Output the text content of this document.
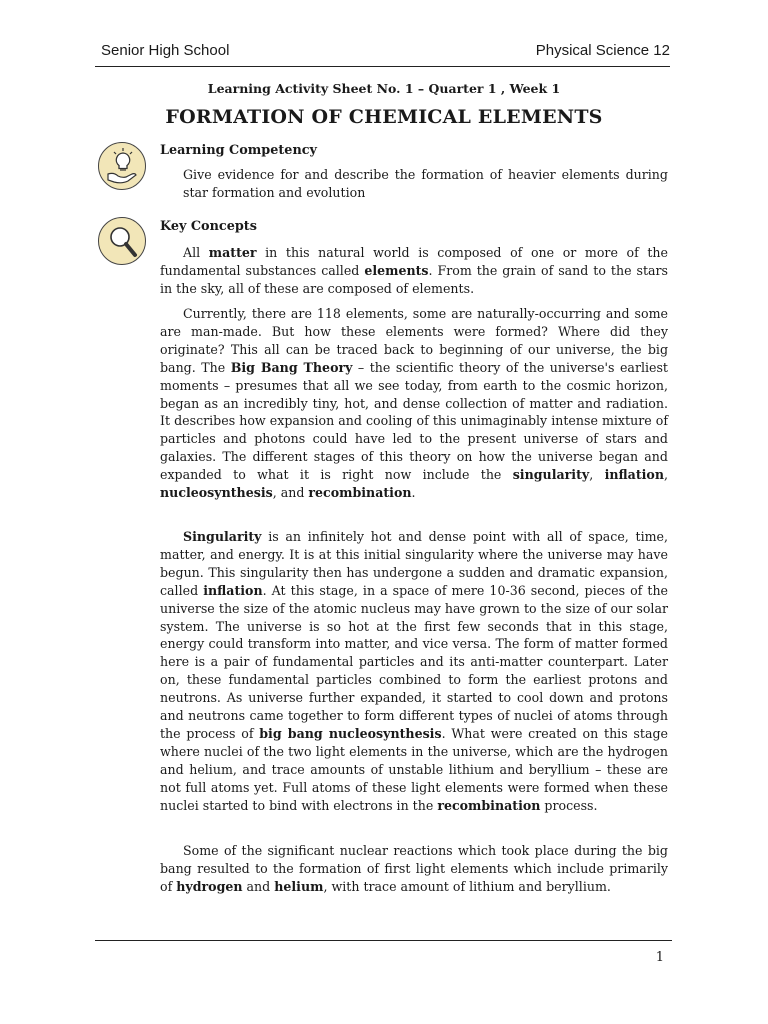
Senior High School	Physical Science 12
Learning Activity Sheet No. 1 – Quarter 1 , Week 1
FORMATION OF CHEMICAL ELEMENTS
Learning Competency
Give evidence for and describe the formation of heavier elements during star formation and evolution
Key Concepts
All matter in this natural world is composed of one or more of the fundamental substances called elements. From the grain of sand to the stars in the sky, all of these are composed of elements.
Currently, there are 118 elements, some are naturally-occurring and some are man-made. But how these elements were formed? Where did they originate? This all can be traced back to beginning of our universe, the big bang. The Big Bang Theory – the scientific theory of the universe's earliest moments – presumes that all we see today, from earth to the cosmic horizon, began as an incredibly tiny, hot, and dense collection of matter and radiation. It describes how expansion and cooling of this unimaginably intense mixture of particles and photons could have led to the present universe of stars and galaxies. The different stages of this theory on how the universe began and expanded to what it is right now include the singularity, inflation, nucleosynthesis, and recombination.
Singularity is an infinitely hot and dense point with all of space, time, matter, and energy. It is at this initial singularity where the universe may have begun. This singularity then has undergone a sudden and dramatic expansion, called inflation. At this stage, in a space of mere 10-36 second, pieces of the universe the size of the atomic nucleus may have grown to the size of our solar system. The universe is so hot at the first few seconds that in this stage, energy could transform into matter, and vice versa. The form of matter formed here is a pair of fundamental particles and its anti-matter counterpart. Later on, these fundamental particles combined to form the earliest protons and neutrons. As universe further expanded, it started to cool down and protons and neutrons came together to form different types of nuclei of atoms through the process of big bang nucleosynthesis. What were created on this stage where nuclei of the two light elements in the universe, which are the hydrogen and helium, and trace amounts of unstable lithium and beryllium – these are not full atoms yet. Full atoms of these light elements were formed when these nuclei started to bind with electrons in the recombination process.
Some of the significant nuclear reactions which took place during the big bang resulted to the formation of first light elements which include primarily of hydrogen and helium, with trace amount of lithium and beryllium.
1
